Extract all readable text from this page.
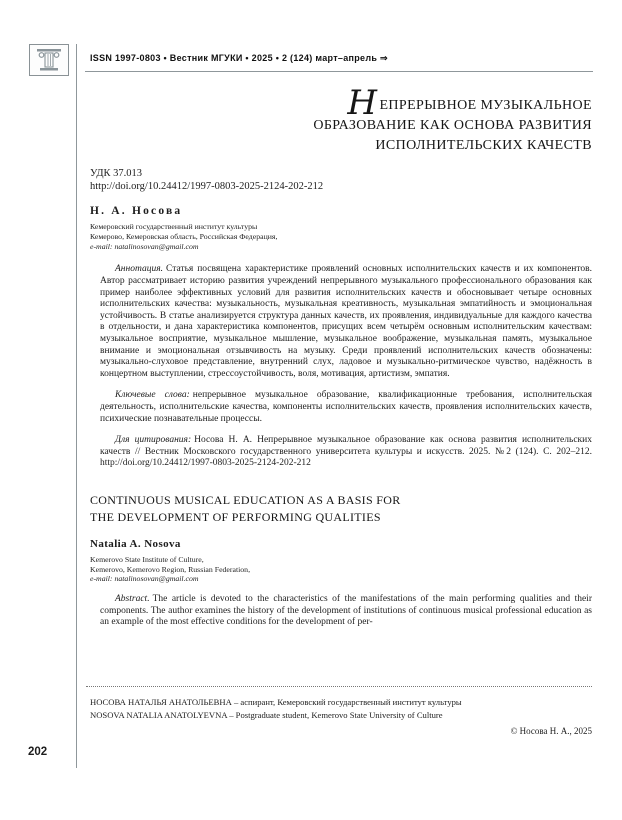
ISSN 1997-0803 • Вестник МГУКИ • 2025 • 2 (124) март–апрель ⇒
НЕПРЕРЫВНОЕ МУЗЫКАЛЬНОЕ
ОБРАЗОВАНИЕ КАК ОСНОВА РАЗВИТИЯ
ИСПОЛНИТЕЛЬСКИХ КАЧЕСТВ
УДК 37.013
http://doi.org/10.24412/1997-0803-2025-2124-202-212
Н. А. Носова
Кемеровский государственный институт культуры
Кемерово, Кемеровская область, Российская Федерация,
e-mail: natalinosovan@gmail.com

Аннотация. Статья посвящена характеристике проявлений основных исполнительских качеств и их компонентов. Автор рассматривает историю развития учреждений непрерывного музыкального профессионального образования как пример наиболее эффективных условий для развития исполнительских качеств и обосновывает четыре основных исполнительских качества: музыкальность, музыкальная креативность, музыкальная эмпатийность и эмоциональная устойчивость. В статье анализируется структура данных качеств, их проявления, индивидуальные для каждого качества в отдельности, и дана характеристика компонентов, присущих всем четырём основным исполнительским качествам: музыкальное восприятие, музыкальное мышление, музыкальное воображение, музыкальная память, музыкальное внимание и эмоциональная отзывчивость на музыку. Среди проявлений исполнительских качеств обозначены: музыкально-слуховое представление, внутренний слух, ладовое и музыкально-ритмическое чувство, надёжность в концертном выступлении, стрессоустойчивость, воля, мотивация, артистизм, эмпатия.

Ключевые слова: непрерывное музыкальное образование, квалификационные требования, исполнительская деятельность, исполнительские качества, компоненты исполнительских качеств, проявления исполнительских качеств, психические познавательные процессы.

Для цитирования: Носова Н. А. Непрерывное музыкальное образование как основа развития исполнительских качеств // Вестник Московского государственного университета культуры и искусств. 2025. №2 (124). С. 202–212. http://doi.org/10.24412/1997-0803-2025-2124-202-212

CONTINUOUS MUSICAL EDUCATION AS A BASIS FOR
THE DEVELOPMENT OF PERFORMING QUALITIES
Natalia A. Nosova
Kemerovo State Institute of Culture,
Kemerovo, Kemerovo Region, Russian Federation,
e-mail: natalinosovan@gmail.com

Abstract. The article is devoted to the characteristics of the manifestations of the main performing qualities and their components. The author examines the history of the development of institutions of continuous musical professional education as an example of the most effective conditions for the development of per-

НОСОВА НАТАЛЬЯ АНАТОЛЬЕВНА – аспирант, Кемеровский государственный институт культуры
NOSOVA NATALIA ANATOLYEVNA – Postgraduate student, Kemerovo State University of Culture
© Носова Н. А., 2025
202
